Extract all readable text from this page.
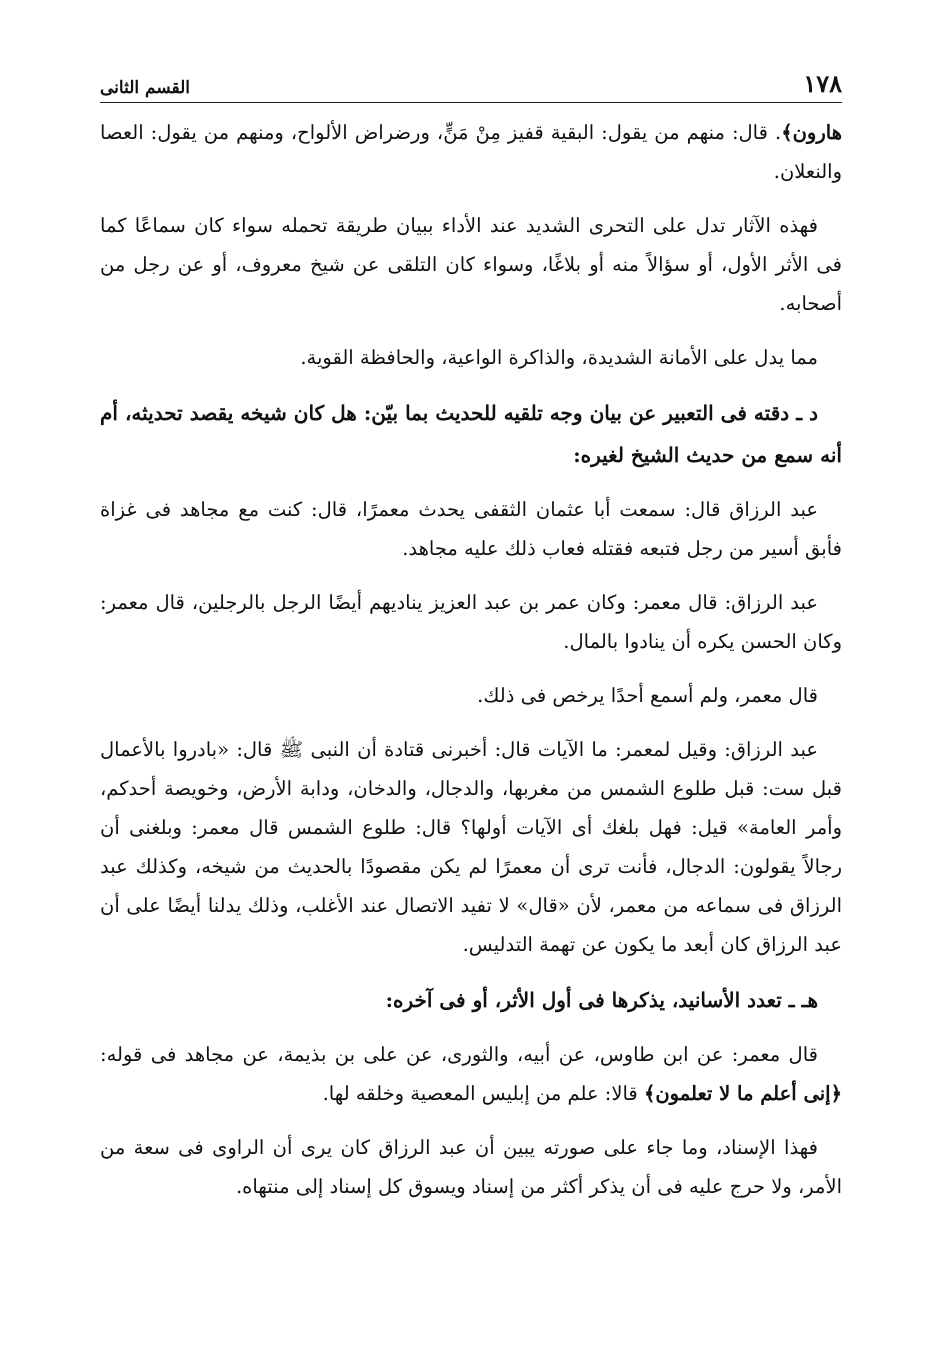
١٧٨
القسم الثانى

هارون﴾. قال: منهم من يقول: البقية قفيز مِنْ مَنٍّ، ورضراض الألواح، ومنهم من يقول: العصا والنعلان.

فهذه الآثار تدل على التحرى الشديد عند الأداء ببيان طريقة تحمله سواء كان سماعًا كما فى الأثر الأول، أو سؤالاً منه أو بلاغًا، وسواء كان التلقى عن شيخ معروف، أو عن رجل من أصحابه.

مما يدل على الأمانة الشديدة، والذاكرة الواعية، والحافظة القوية.

د ـ دقته فى التعبير عن بيان وجه تلقيه للحديث بما بيّن: هل كان شيخه يقصد تحديثه، أم أنه سمع من حديث الشيخ لغيره:

عبد الرزاق قال: سمعت أبا عثمان الثقفى يحدث معمرًا، قال: كنت مع مجاهد فى غزاة فأبق أسير من رجل فتبعه فقتله فعاب ذلك عليه مجاهد.

عبد الرزاق: قال معمر: وكان عمر بن عبد العزيز يناديهم أيضًا الرجل بالرجلين، قال معمر: وكان الحسن يكره أن ينادوا بالمال.

قال معمر، ولم أسمع أحدًا يرخص فى ذلك.

عبد الرزاق: وقيل لمعمر: ما الآيات قال: أخبرنى قتادة أن النبى ﷺ قال: «بادروا بالأعمال قبل ست: قبل طلوع الشمس من مغربها، والدجال، والدخان، ودابة الأرض، وخويصة أحدكم، وأمر العامة» قيل: فهل بلغك أى الآيات أولها؟ قال: طلوع الشمس قال معمر: وبلغنى أن رجالاً يقولون: الدجال، فأنت ترى أن معمرًا لم يكن مقصودًا بالحديث من شيخه، وكذلك عبد الرزاق فى سماعه من معمر، لأن «قال» لا تفيد الاتصال عند الأغلب، وذلك يدلنا أيضًا على أن عبد الرزاق كان أبعد ما يكون عن تهمة التدليس.

هـ ـ تعدد الأسانيد، يذكرها فى أول الأثر، أو فى آخره:

قال معمر: عن ابن طاوس، عن أبيه، والثورى، عن على بن بذيمة، عن مجاهد فى قوله: ﴿إنى أعلم ما لا تعلمون﴾ قالا: علم من إبليس المعصية وخلقه لها.

فهذا الإسناد، وما جاء على صورته يبين أن عبد الرزاق كان يرى أن الراوى فى سعة من الأمر، ولا حرج عليه فى أن يذكر أكثر من إسناد ويسوق كل إسناد إلى منتهاه.
